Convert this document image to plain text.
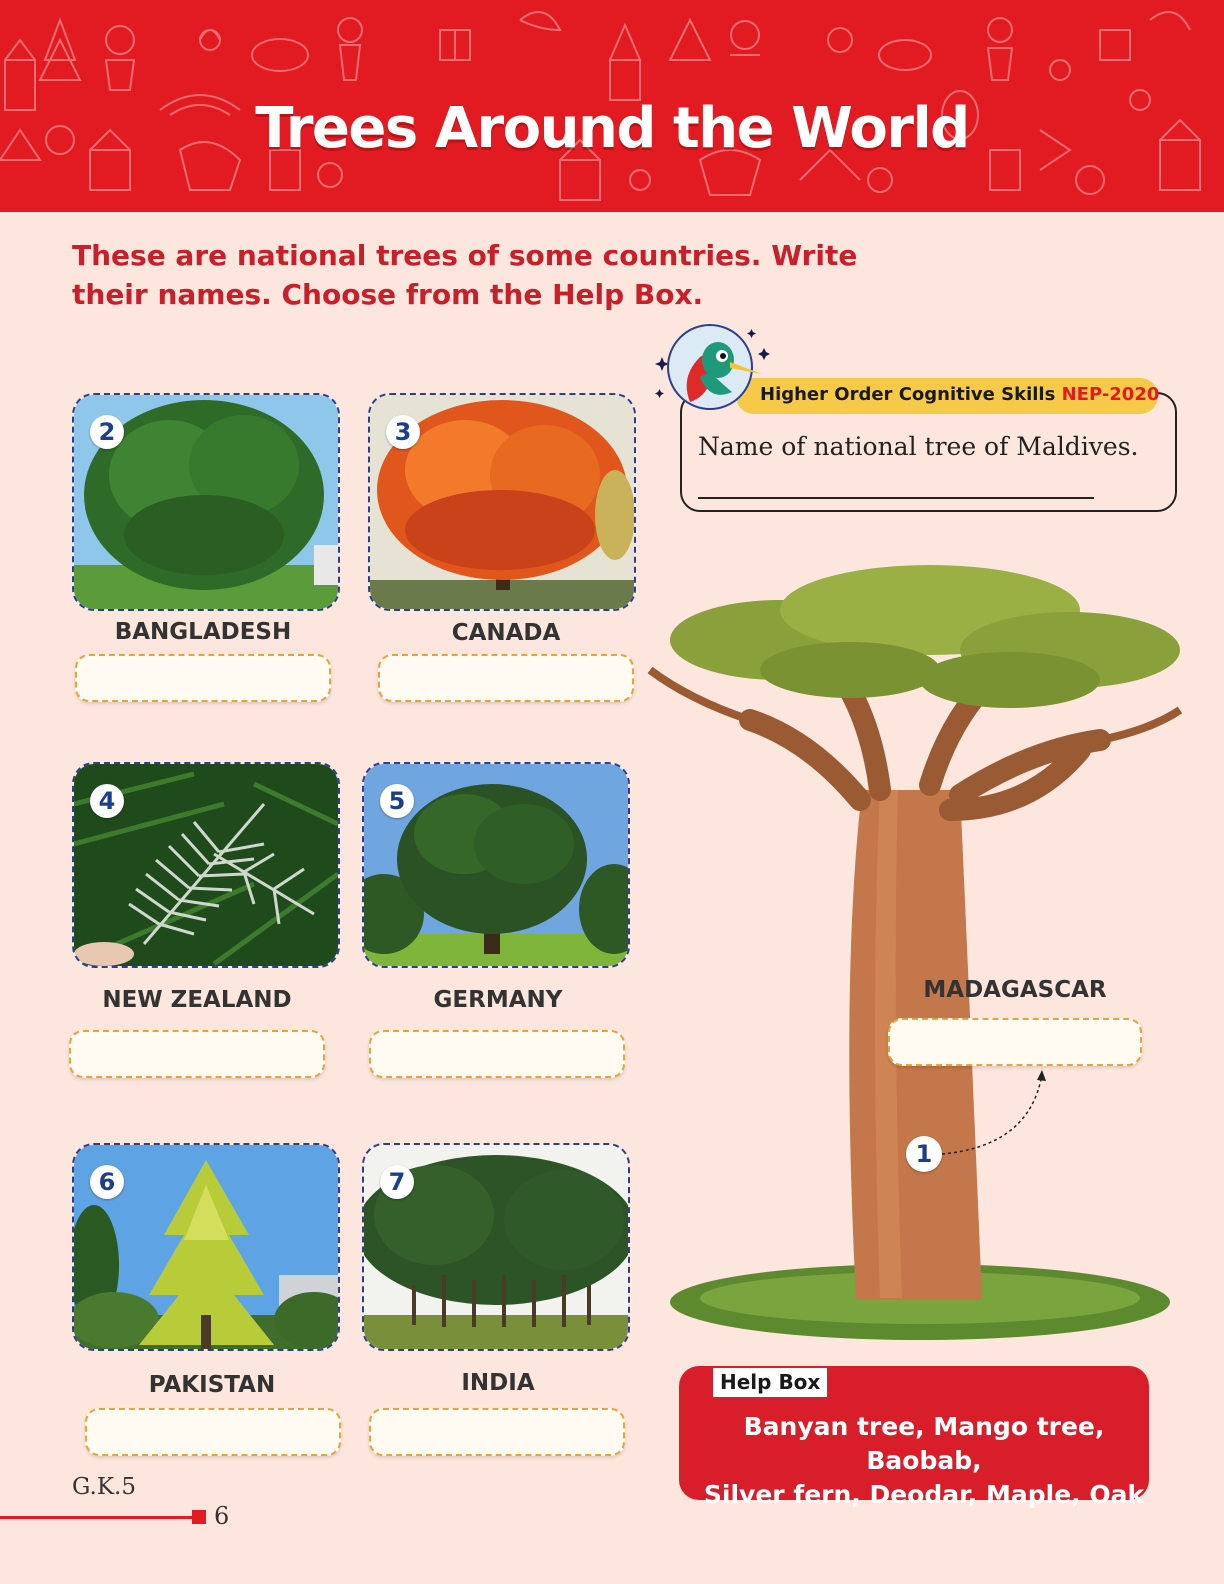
Trees Around the World
These are national trees of some countries. Write their names. Choose from the Help Box.
2
BANGLADESH
3
CANADA
4
NEW ZEALAND
5
GERMANY
6
PAKISTAN
7
INDIA
Higher Order Cognitive Skills NEP-2020
Name of national tree of Maldives.
MADAGASCAR
1
Help Box
Banyan tree, Mango tree, Baobab,
Silver fern, Deodar, Maple, Oak
G.K.5
6
